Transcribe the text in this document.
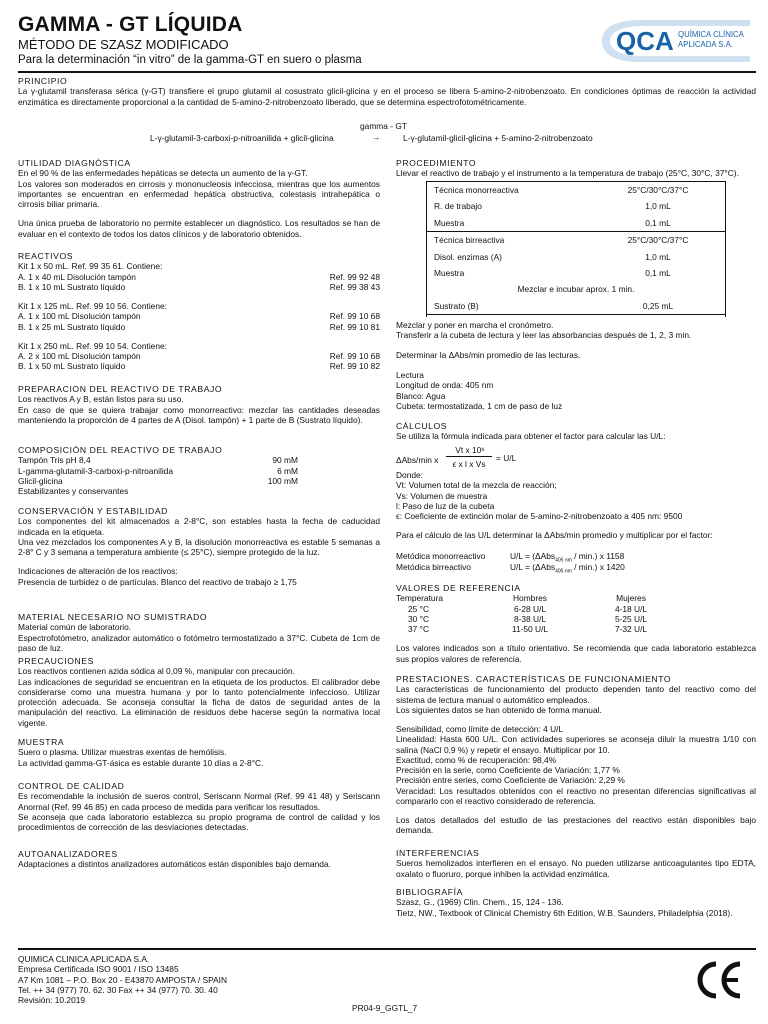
GAMMA - GT LÍQUIDA
MÉTODO DE SZASZ MODIFICADO
Para la determinación “in vitro” de la gamma-GT en suero o plasma
QCA QUÍMICA CLÍNICA
APLICADA S.A.
PRINCIPIO

La γ-glutamil transferasa sérica (γ-GT) transfiere el grupo glutamil al cosustrato glicil-glicina y en el proceso se libera 5-amino-2-nitrobenzoato. En condiciones óptimas de reacción la actividad enzimática es directamente proporcional a la cantidad de 5-amino-2-nitrobenzoato liberado, que se determina espectrofotométricamente.

gamma - GT
L-γ-glutamil-3-carboxi-p-nitroanilida + glicil-glicina	→	L-γ-glutamil-glicil-glicina + 5-amino-2-nitrobenzoato
UTILIDAD DIAGNÓSTICA

En el 90 % de las enfermedades hepáticas se detecta un aumento de la γ-GT.

Los valores son moderados en cirrosis y mononucleosis infecciosa, mientras que los aumentos importantes se encuentran en enfermedad hepática obstructiva, colestasis intrahepática o cirrosis biliar primaria.

Una única prueba de laboratorio no permite establecer un diagnóstico. Los resultados se han de evaluar en el contexto de todos los datos clínicos y de laboratorio obtenidos.

REACTIVOS
Kit 1 x 50 mL. Ref. 99 35 61. Contiene:
A. 1 x 40 mL Disolución tampón	Ref. 99 92 48
B. 1 x 10 mL Sustrato líquido	Ref. 99 38 43
Kit 1 x 125 mL. Ref. 99 10 56. Contiene:
A. 1 x 100 mL Disolución tampón	Ref. 99 10 68
B. 1 x 25 mL Sustrato líquido	Ref. 99 10 81
Kit 1 x 250 mL. Ref. 99 10 54. Contiene:
A. 2 x 100 mL Disolución tampón	Ref. 99 10 68
B. 1 x 50 mL Sustrato líquido	Ref. 99 10 82
PREPARACION DEL REACTIVO DE TRABAJO

Los reactivos A y B, están listos para su uso.

En caso de que se quiera trabajar como monorreactivo: mezclar las cantidades deseadas manteniendo la proporción de 4 partes de A (Disol. tampón) + 1 parte de B (Sustrato líquido).

COMPOSICIÓN DEL REACTIVO DE TRABAJO
Tampón Tris pH 8,4	90 mM
L-gamma-glutamil-3-carboxi-p-nitroanilida	6 mM
Glicil-glicina	100 mM
Estabilizantes y conservantes
CONSERVACIÓN Y ESTABILIDAD

Los componentes del kit almacenados a 2-8°C, son estables hasta la fecha de caducidad indicada en la etiqueta.

Una vez mezclados los componentes A y B, la disolución monorreactiva es estable 5 semanas a 2-8° C y 3 semana a temperatura ambiente (≤ 25°C), siempre protegido de la luz.

Indicaciones de alteración de los reactivos:

Presencia de turbidez o de partículas. Blanco del reactivo de trabajo ≥ 1,75

MATERIAL NECESARIO NO SUMISTRADO

Material común de laboratorio.

Espectrofotómetro, analizador automático o fotómetro termostatizado a 37°C. Cubeta de 1cm de paso de luz.

PRECAUCIONES

Los reactivos contienen azida sódica al 0,09 %, manipular con precaución.

Las indicaciones de seguridad se encuentran en la etiqueta de los productos. El calibrador debe considerarse como una muestra humana y por lo tanto potencialmente infeccioso. Utilizar protección adecuada. Se aconseja consultar la ficha de datos de seguridad antes de la manipulación del reactivo. La eliminación de residuos debe hacerse según la normativa local vigente.

MUESTRA

Suero o plasma. Utilizar muestras exentas de hemólisis.

La actividad gamma-GT-ásica es estable durante 10 días a 2-8°C.

CONTROL DE CALIDAD

Es recomendable la inclusión de sueros control, Seriscann Normal (Ref. 99 41 48) y Seriscann Anormal (Ref. 99 46 85) en cada proceso de medida para verificar los resultados.

Se aconseja que cada laboratorio establezca su propio programa de control de calidad y los procedimientos de corrección de las desviaciones detectadas.

AUTOANALIZADORES

Adaptaciones a distintos analizadores automáticos están disponibles bajo demanda.

PROCEDIMIENTO

Llevar el reactivo de trabajo y el instrumento a la temperatura de trabajo (25°C, 30°C, 37°C).

Técnica monorreactiva	25°C/30°C/37°C
R. de trabajo	1,0 mL
Muestra	0,1 mL
Técnica birreactiva	25°C/30°C/37°C
Disol. enzimas (A)	1,0 mL
Muestra	0,1 mL
Mezclar e incubar aprox. 1 min.	
Sustrato (B)	0,25 mL

Mezclar y poner en marcha el cronómetro.

Transferir a la cubeta de lectura y leer las absorbancias después de 1, 2, 3 min.

Determinar la ΔAbs/min promedio de las lecturas.

Lectura

Longitud de onda: 405 nm

Blanco: Agua

Cubeta: termostatizada, 1 cm de paso de luz

CÁLCULOS

Se utiliza la fórmula indicada para obtener el factor para calcular las U/L:

ΔAbs/min x
Vt x 10⁶
ϵ x l x Vs
= U/L

Donde:

Vt: Volumen total de la mezcla de reacción;

Vs: Volumen de muestra

l: Paso de luz de la cubeta

ϵ: Coeficiente de extinción molar de 5-amino-2-nitrobenzoato a 405 nm: 9500

Para el cálculo de las U/L determinar la ΔAbs/min promedio y multiplicar por el factor:

Metódica monorreactivo	U/L = (ΔAbs$_{405 nm}$ / min.) x 1158
Metódica birreactivo	U/L = (ΔAbs$_{405 nm}$ / min.) x 1420
VALORES DE REFERENCIA
Temperatura	Hombres	Mujeres
25 °C	6-28 U/L	4-18 U/L
30 °C	8-38 U/L	5-25 U/L
37 °C	11-50 U/L	7-32 U/L

Los valores indicados son a título orientativo. Se recomienda que cada laboratorio establezca sus propios valores de referencia.

PRESTACIONES. CARACTERÍSTICAS DE FUNCIONAMIENTO

Las características de funcionamiento del producto dependen tanto del reactivo como del sistema de lectura manual o automático empleados.

Los siguientes datos se han obtenido de forma manual.

Sensibilidad, como límite de detección: 4 U/L

Linealidad: Hasta 600 U/L. Con actividades superiores se aconseja diluir la muestra 1/10 con salina (NaCl 0,9 %) y repetir el ensayo. Multiplicar por 10.

Exactitud, como % de recuperación: 98,4%

Precisión en la serie, como Coeficiente de Variación: 1,77 %

Precisión entre series, como Coeficiente de Variación: 2,29 %

Veracidad: Los resultados obtenidos con el reactivo no presentan diferencias significativas al compararlo con el reactivo considerado de referencia.

Los datos detallados del estudio de las prestaciones del reactivo están disponibles bajo demanda.

INTERFERENCIAS

Sueros hemolizados interfieren en el ensayo. No pueden utilizarse anticoagulantes tipo EDTA, oxalato o fluoruro, porque inhiben la actividad enzimática.

BIBLIOGRAFÍA

Szasz, G., (1969) Clin. Chem., 15, 124 - 136.

Tietz, NW., Textbook of Clinical Chemistry 6th Edition, W.B. Saunders, Philadelphia (2018).

QUIMICA CLINICA APLICADA S.A.

Empresa Certificada ISO 9001 / ISO 13485

A7 Km 1081 – P.O. Box 20 - E43870 AMPOSTA / SPAIN

Tel. ++ 34 (977) 70. 62. 30 Fax ++ 34 (977) 70. 30. 40

Revisión: 10.2019

PR04-9_GGTL_7
